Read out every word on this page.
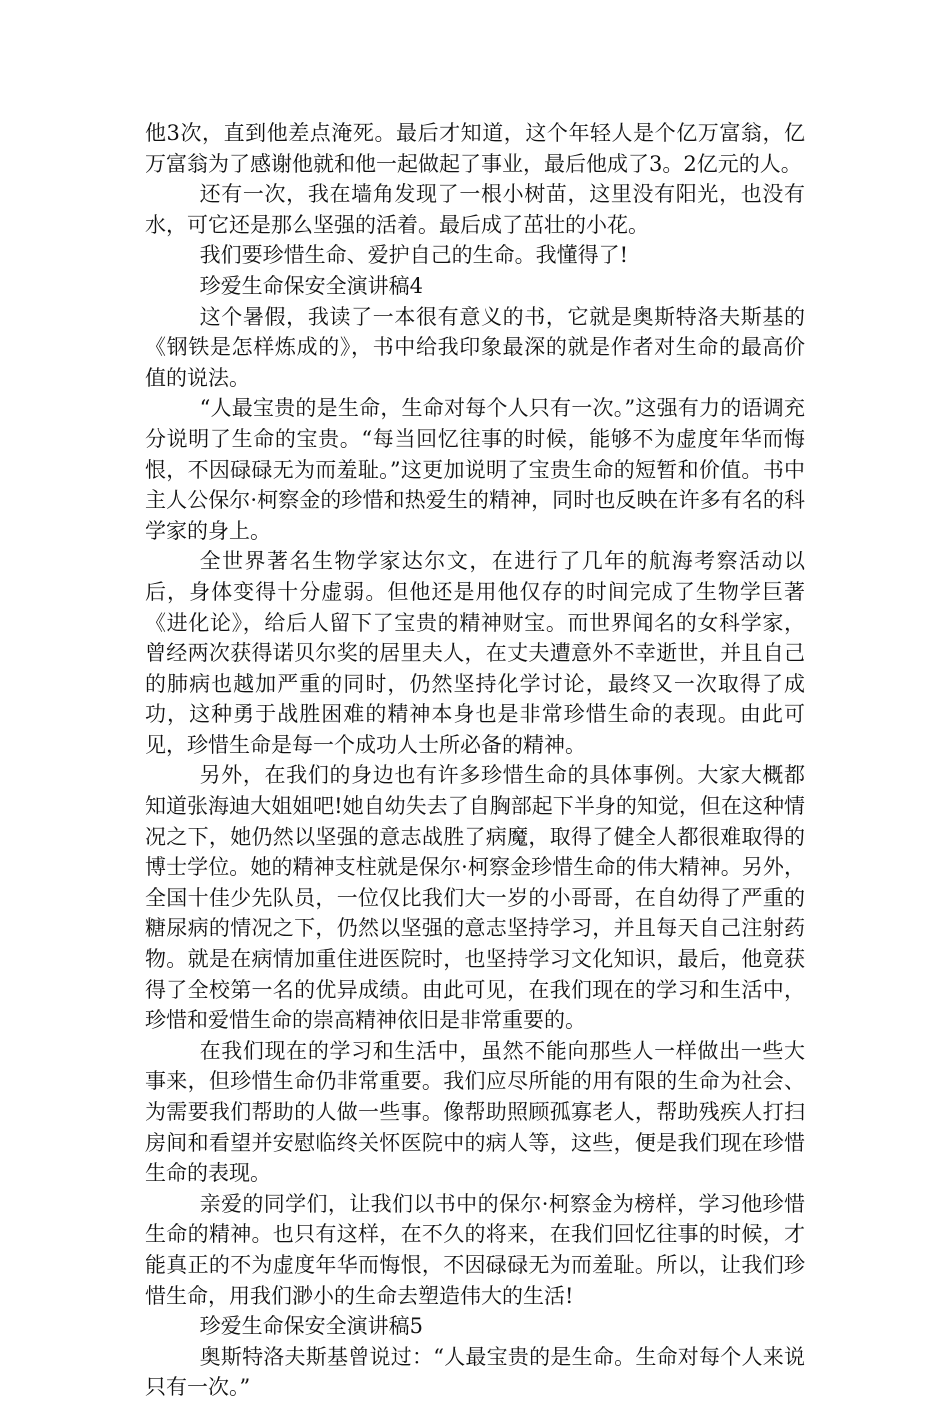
他3次，直到他差点淹死。最后才知道，这个年轻人是个亿万富翁，亿万富翁为了感谢他就和他一起做起了事业，最后他成了3。2亿元的人。

还有一次，我在墙角发现了一根小树苗，这里没有阳光，也没有水，可它还是那么坚强的活着。最后成了茁壮的小花。

我们要珍惜生命、爱护自己的生命。我懂得了!

珍爱生命保安全演讲稿4

这个暑假，我读了一本很有意义的书，它就是奥斯特洛夫斯基的《钢铁是怎样炼成的》，书中给我印象最深的就是作者对生命的最高价值的说法。

“人最宝贵的是生命，生命对每个人只有一次。”这强有力的语调充分说明了生命的宝贵。“每当回忆往事的时候，能够不为虚度年华而悔恨，不因碌碌无为而羞耻。”这更加说明了宝贵生命的短暂和价值。书中主人公保尔·柯察金的珍惜和热爱生的精神，同时也反映在许多有名的科学家的身上。

全世界著名生物学家达尔文，在进行了几年的航海考察活动以后，身体变得十分虚弱。但他还是用他仅存的时间完成了生物学巨著《进化论》，给后人留下了宝贵的精神财宝。而世界闻名的女科学家，曾经两次获得诺贝尔奖的居里夫人，在丈夫遭意外不幸逝世，并且自己的肺病也越加严重的同时，仍然坚持化学讨论，最终又一次取得了成功，这种勇于战胜困难的精神本身也是非常珍惜生命的表现。由此可见，珍惜生命是每一个成功人士所必备的精神。

另外，在我们的身边也有许多珍惜生命的具体事例。大家大概都知道张海迪大姐姐吧!她自幼失去了自胸部起下半身的知觉，但在这种情况之下，她仍然以坚强的意志战胜了病魔，取得了健全人都很难取得的博士学位。她的精神支柱就是保尔·柯察金珍惜生命的伟大精神。另外，全国十佳少先队员，一位仅比我们大一岁的小哥哥，在自幼得了严重的糖尿病的情况之下，仍然以坚强的意志坚持学习，并且每天自己注射药物。就是在病情加重住进医院时，也坚持学习文化知识，最后，他竟获得了全校第一名的优异成绩。由此可见，在我们现在的学习和生活中，珍惜和爱惜生命的崇高精神依旧是非常重要的。

在我们现在的学习和生活中，虽然不能向那些人一样做出一些大事来，但珍惜生命仍非常重要。我们应尽所能的用有限的生命为社会、为需要我们帮助的人做一些事。像帮助照顾孤寡老人，帮助残疾人打扫房间和看望并安慰临终关怀医院中的病人等，这些，便是我们现在珍惜生命的表现。

亲爱的同学们，让我们以书中的保尔·柯察金为榜样，学习他珍惜生命的精神。也只有这样，在不久的将来，在我们回忆往事的时候，才能真正的不为虚度年华而悔恨，不因碌碌无为而羞耻。所以，让我们珍惜生命，用我们渺小的生命去塑造伟大的生活!

珍爱生命保安全演讲稿5

奥斯特洛夫斯基曾说过：“人最宝贵的是生命。生命对每个人来说只有一次。”
